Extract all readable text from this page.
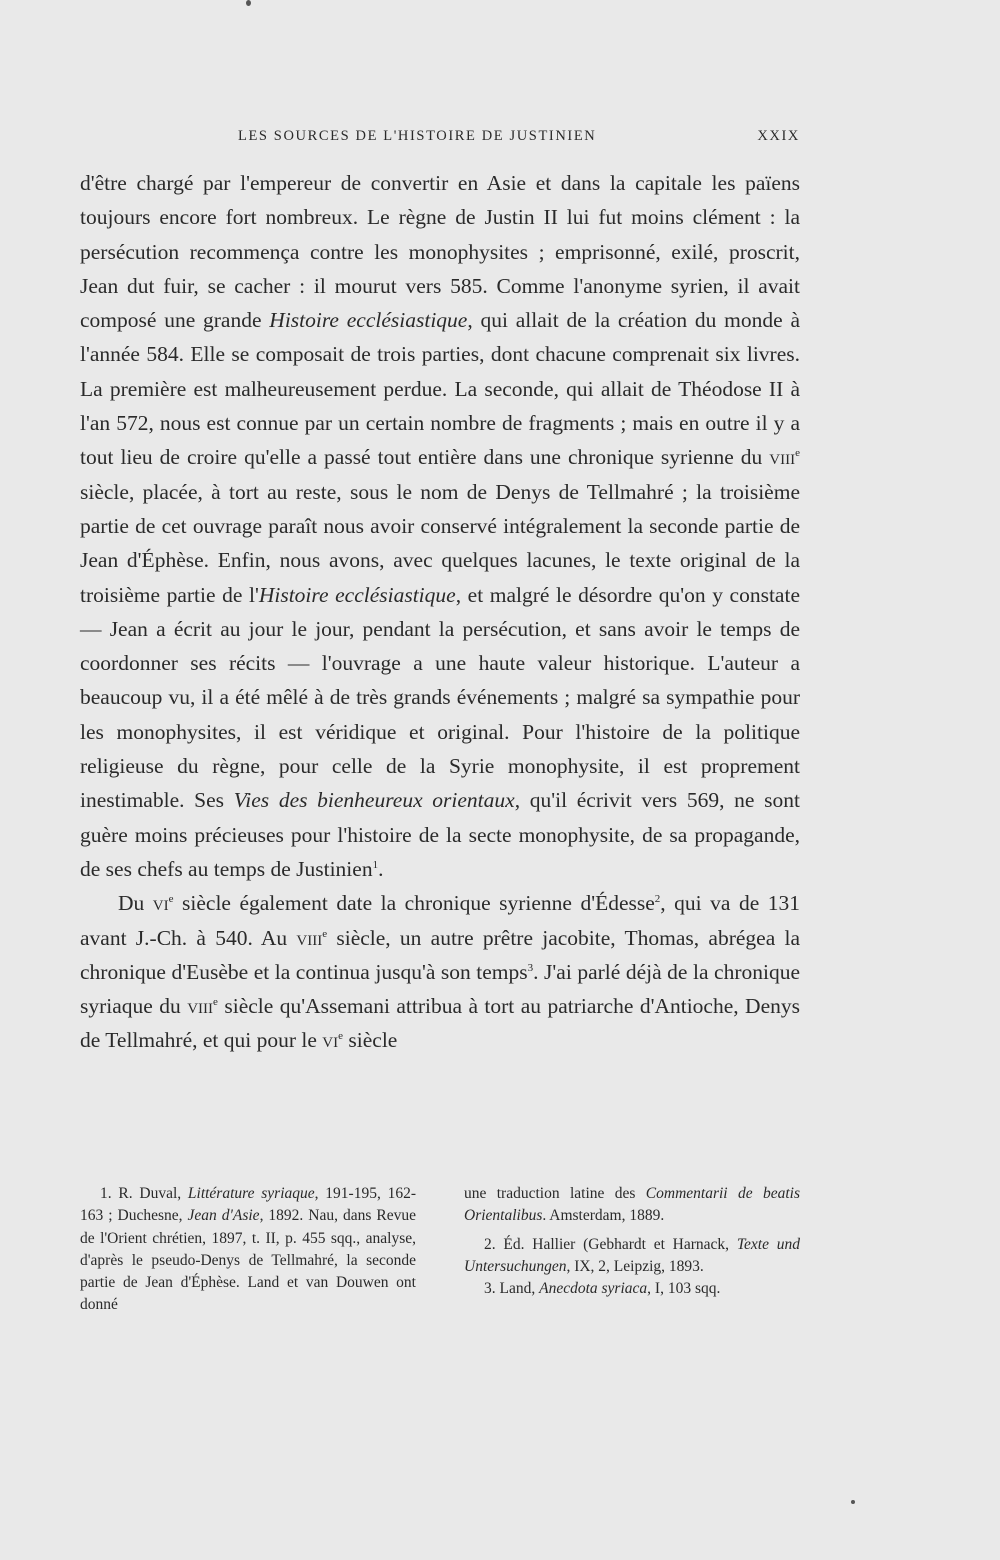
LES SOURCES DE L'HISTOIRE DE JUSTINIEN	XXIX

d'être chargé par l'empereur de convertir en Asie et dans la capitale les païens toujours encore fort nombreux. Le règne de Justin II lui fut moins clément : la persécution recommença contre les monophysites ; emprisonné, exilé, proscrit, Jean dut fuir, se cacher : il mourut vers 585. Comme l'anonyme syrien, il avait composé une grande Histoire ecclésiastique, qui allait de la création du monde à l'année 584. Elle se composait de trois parties, dont chacune comprenait six livres. La première est malheureusement perdue. La seconde, qui allait de Théodose II à l'an 572, nous est connue par un certain nombre de fragments ; mais en outre il y a tout lieu de croire qu'elle a passé tout entière dans une chronique syrienne du viii$^e$ siècle, placée, à tort au reste, sous le nom de Denys de Tellmahré ; la troisième partie de cet ouvrage paraît nous avoir conservé intégralement la seconde partie de Jean d'Éphèse. Enfin, nous avons, avec quelques lacunes, le texte original de la troisième partie de l'Histoire ecclésiastique, et malgré le désordre qu'on y constate — Jean a écrit au jour le jour, pendant la persécution, et sans avoir le temps de coordonner ses récits — l'ouvrage a une haute valeur historique. L'auteur a beaucoup vu, il a été mêlé à de très grands événements ; malgré sa sympathie pour les monophysites, il est véridique et original. Pour l'histoire de la politique religieuse du règne, pour celle de la Syrie monophysite, il est proprement inestimable. Ses Vies des bienheureux orientaux, qu'il écrivit vers 569, ne sont guère moins précieuses pour l'histoire de la secte monophysite, de sa propagande, de ses chefs au temps de Justinien$^1$.

Du $vi^e$ siècle également date la chronique syrienne d'Édesse$^2$, qui va de 131 avant J.-Ch. à 540. Au viii$^e$ siècle, un autre prêtre jacobite, Thomas, abrégea la chronique d'Eusèbe et la continua jusqu'à son temps$^3$. J'ai parlé déjà de la chronique syriaque du viii$^e$ siècle qu'Assemani attribua à tort au patriarche d'Antioche, Denys de Tellmahré, et qui pour le $vi^e$ siècle

1. R. Duval, Littérature syriaque, 191-195, 162-163 ; Duchesne, Jean d'Asie, 1892. Nau, dans Revue de l'Orient chrétien, 1897, t. II, p. 455 sqq., analyse, d'après le pseudo-Denys de Tellmahré, la seconde partie de Jean d'Éphèse. Land et van Douwen ont donné

une traduction latine des Commentarii de beatis Orientalibus. Amsterdam, 1889.

2. Éd. Hallier (Gebhardt et Harnack, Texte und Untersuchungen, IX, 2, Leipzig, 1893.

3. Land, Anecdota syriaca, I, 103 sqq.
